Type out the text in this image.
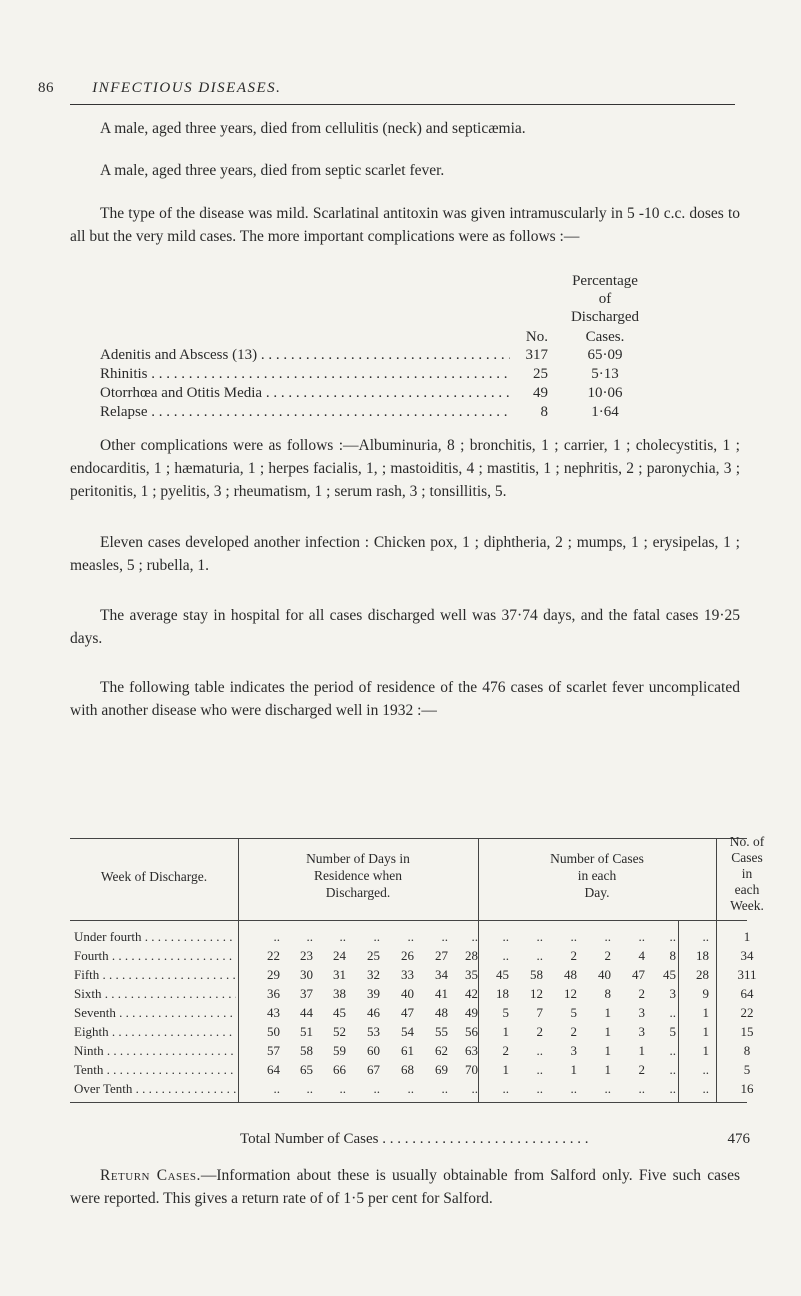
86	INFECTIOUS DISEASES.
A male, aged three years, died from cellulitis (neck) and septicæmia.
A male, aged three years, died from septic scarlet fever.
The type of the disease was mild. Scarlatinal antitoxin was given intramuscularly in 5 -10 c.c. doses to all but the very mild cases. The more important complications were as follows :—
Percentage
of
Discharged
No.	Cases.
Adenitis and Abscess (13) . . .	317	65·09
Rhinitis . . .	25	5·13
Otorrhœa and Otitis Media . . .	49	10·06
Relapse . . .	8	1·64
Other complications were as follows :—Albuminuria, 8 ; bronchitis, 1 ; carrier, 1 ; cholecystitis, 1 ; endocarditis, 1 ; hæmaturia, 1 ; herpes facialis, 1, ; mastoiditis, 4 ; mastitis, 1 ; nephritis, 2 ; paronychia, 3 ; peritonitis, 1 ; pyelitis, 3 ; rheumatism, 1 ; serum rash, 3 ; tonsillitis, 5.
Eleven cases developed another infection : Chicken pox, 1 ; diphtheria, 2 ; mumps, 1 ; erysipelas, 1 ; measles, 5 ; rubella, 1.
The average stay in hospital for all cases discharged well was 37·74 days, and the fatal cases 19·25 days.
The following table indicates the period of residence of the 476 cases of scarlet fever uncomplicated with another disease who were discharged well in 1932 :—
Week of Discharge.
Number of Days in
Residence when
Discharged.
Number of Cases
in each
Day.
No. of
Cases
in
each
Week.
Under fourth . . .	..	..	..	..	..	..	..	..	..	..	..	..	..	..	1
Fourth . . .	22	23	24	25	26	27	28	..	..	2	2	4	8	18	34
Fifth . . .	29	30	31	32	33	34	35	45	58	48	40	47	45	28	311
Sixth . . .	36	37	38	39	40	41	42	18	12	12	8	2	3	9	64
Seventh . . .	43	44	45	46	47	48	49	5	7	5	1	3	..	1	22
Eighth . . .	50	51	52	53	54	55	56	1	2	2	1	3	5	1	15
Ninth . . .	57	58	59	60	61	62	63	2	..	3	1	1	..	1	8
Tenth . . .	64	65	66	67	68	69	70	1	..	1	1	2	..	..	5
Over Tenth . . .	..	..	..	..	..	..	..	..	..	..	..	..	..	..	16
Total Number of Cases . . . . . . . . . . . . . . . . . . . . . . . . . . . .	476
Return Cases.—Information about these is usually obtainable from Salford only. Five such cases were reported. This gives a return rate of of 1·5 per cent for Salford.
